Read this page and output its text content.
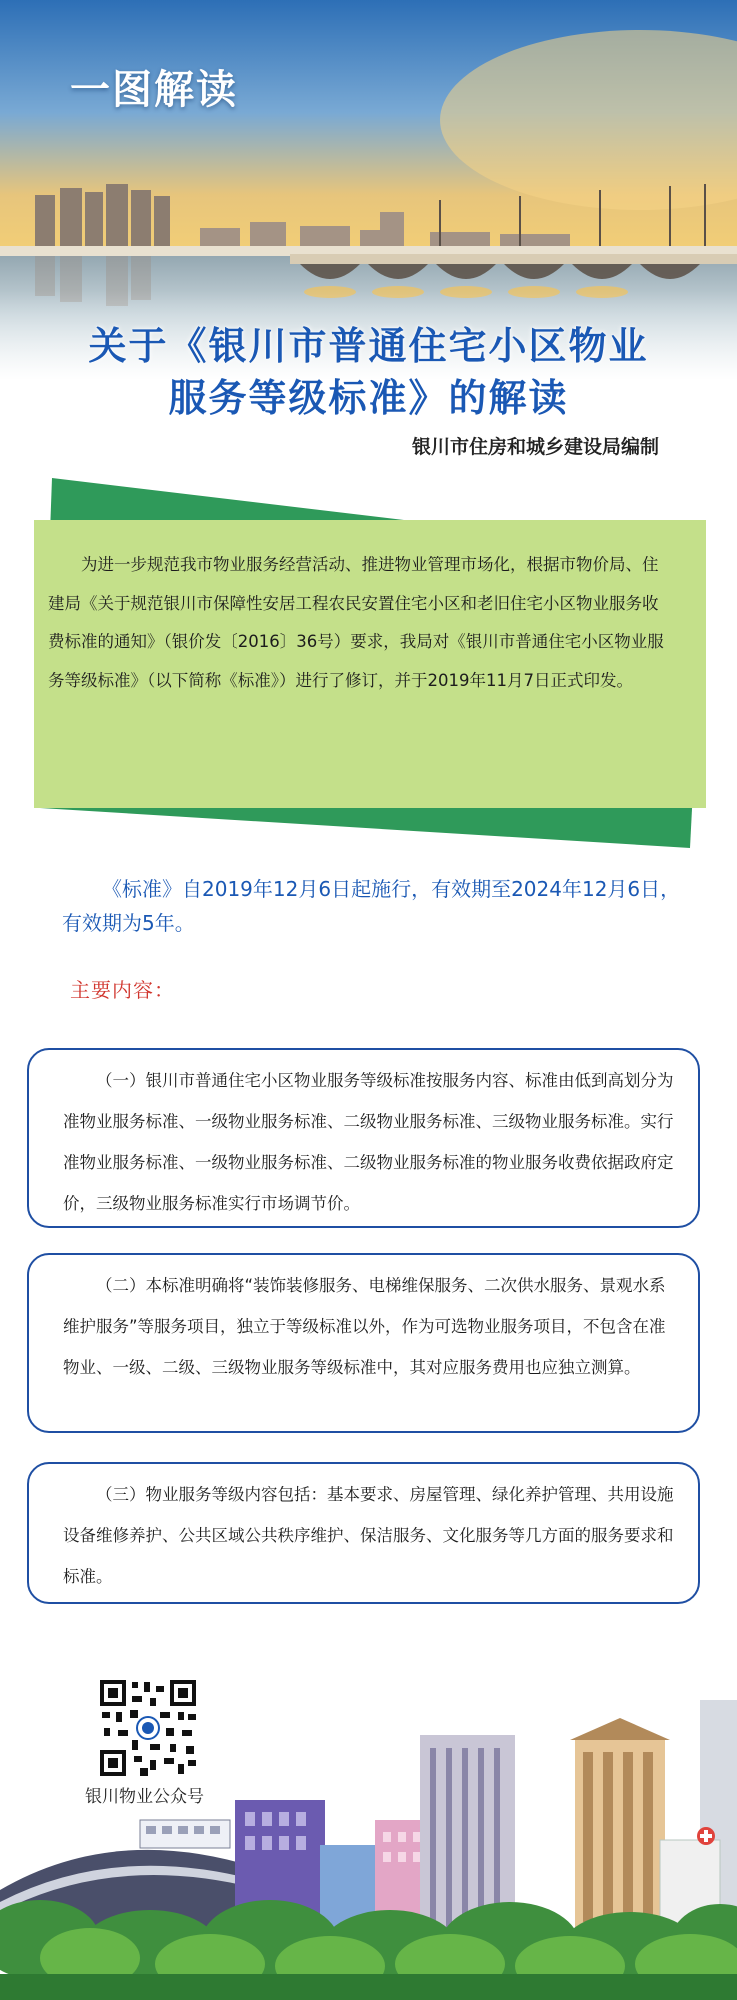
一图解读
关于《银川市普通住宅小区物业
服务等级标准》的解读
银川市住房和城乡建设局编制
为进一步规范我市物业服务经营活动、推进物业管理市场化，根据市物价局、住建局《关于规范银川市保障性安居工程农民安置住宅小区和老旧住宅小区物业服务收费标准的通知》（银价发〔2016〕36号）要求，我局对《银川市普通住宅小区物业服务等级标准》（以下简称《标准》）进行了修订，并于2019年11月7日正式印发。
《标准》自2019年12月6日起施行，有效期至2024年12月6日，有效期为5年。
主要内容：

（一）银川市普通住宅小区物业服务等级标准按服务内容、标准由低到高划分为准物业服务标准、一级物业服务标准、二级物业服务标准、三级物业服务标准。实行准物业服务标准、一级物业服务标准、二级物业服务标准的物业服务收费依据政府定价，三级物业服务标准实行市场调节价。

（二）本标准明确将“装饰装修服务、电梯维保服务、二次供水服务、景观水系维护服务”等服务项目，独立于等级标准以外，作为可选物业服务项目，不包含在准物业、一级、二级、三级物业服务等级标准中，其对应服务费用也应独立测算。

（三）物业服务等级内容包括：基本要求、房屋管理、绿化养护管理、共用设施设备维修养护、公共区域公共秩序维护、保洁服务、文化服务等几方面的服务要求和标准。

银川物业公众号
